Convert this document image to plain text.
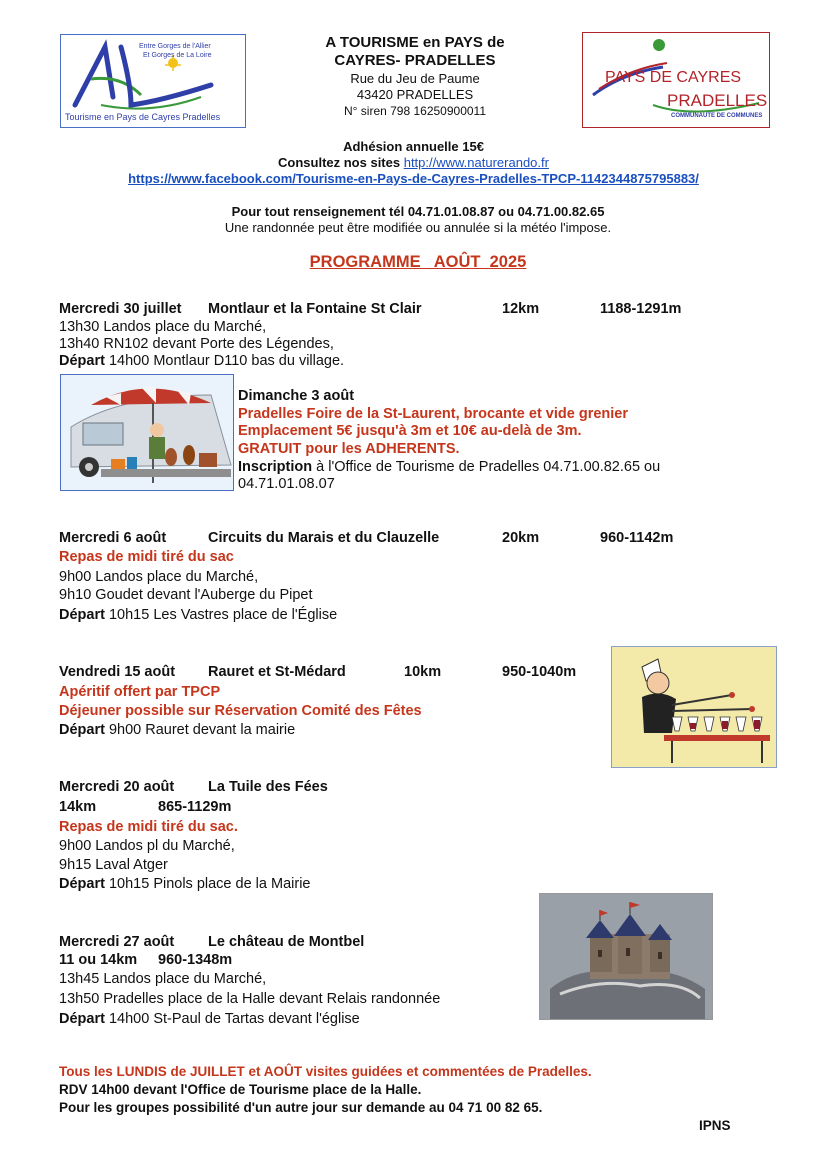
Entre Gorges de l'Allier
Et Gorges de La Loire
Tourisme en Pays de Cayres Pradelles
A TOURISME en PAYS de
CAYRES- PRADELLES
Rue du Jeu de Paume
43420 PRADELLES
N° siren 798 16250900011
PAYS DE CAYRES
PRADELLES
COMMUNAUTE DE COMMUNES
Adhésion annuelle 15€
Consultez nos sites http://www.naturerando.fr
https://www.facebook.com/Tourisme-en-Pays-de-Cayres-Pradelles-TPCP-1142344875795883/
Pour tout renseignement tél 04.71.01.08.87 ou 04.71.00.82.65
Une randonnée peut être modifiée ou annulée si la météo l'impose.
PROGRAMME   AOÛT  2025
Mercredi 30 juillet Montlaur et la Fontaine St Clair	12km	1188-1291m
13h30 Landos place du Marché,
13h40 RN102 devant Porte des Légendes,
Départ 14h00 Montlaur D110 bas du village.
Dimanche 3 août
Pradelles Foire de la St-Laurent, brocante et vide grenier
Emplacement 5€ jusqu'à 3m et 10€ au-delà de 3m.
GRATUIT pour les ADHERENTS.
Inscription à l'Office de Tourisme de Pradelles 04.71.00.82.65 ou
04.71.01.08.07
Mercredi 6 août	Circuits du Marais et du Clauzelle	20km	960-1142m
Repas de midi tiré du sac
9h00 Landos place du Marché,
9h10 Goudet devant l'Auberge du Pipet
Départ 10h15 Les Vastres place de l'Église
Vendredi 15 août Rauret et St-Médard	10km	950-1040m
Apéritif offert par TPCP
Déjeuner possible sur Réservation Comité des Fêtes
Départ 9h00 Rauret devant la mairie
Mercredi 20 août La Tuile des Fées
14km	865-1129m
Repas de midi tiré du sac.
9h00 Landos pl du Marché,
9h15 Laval Atger
Départ 10h15 Pinols place de la Mairie
Mercredi 27 août Le château de Montbel
11 ou 14km 960-1348m
13h45 Landos place du Marché,
13h50 Pradelles place de la Halle devant Relais randonnée
Départ 14h00 St-Paul de Tartas devant l'église
Tous les LUNDIS de JUILLET et AOÛT visites guidées et commentées de Pradelles.
RDV 14h00 devant l'Office de Tourisme place de la Halle.
Pour les groupes possibilité d'un autre jour sur demande au 04 71 00 82 65.
IPNS
